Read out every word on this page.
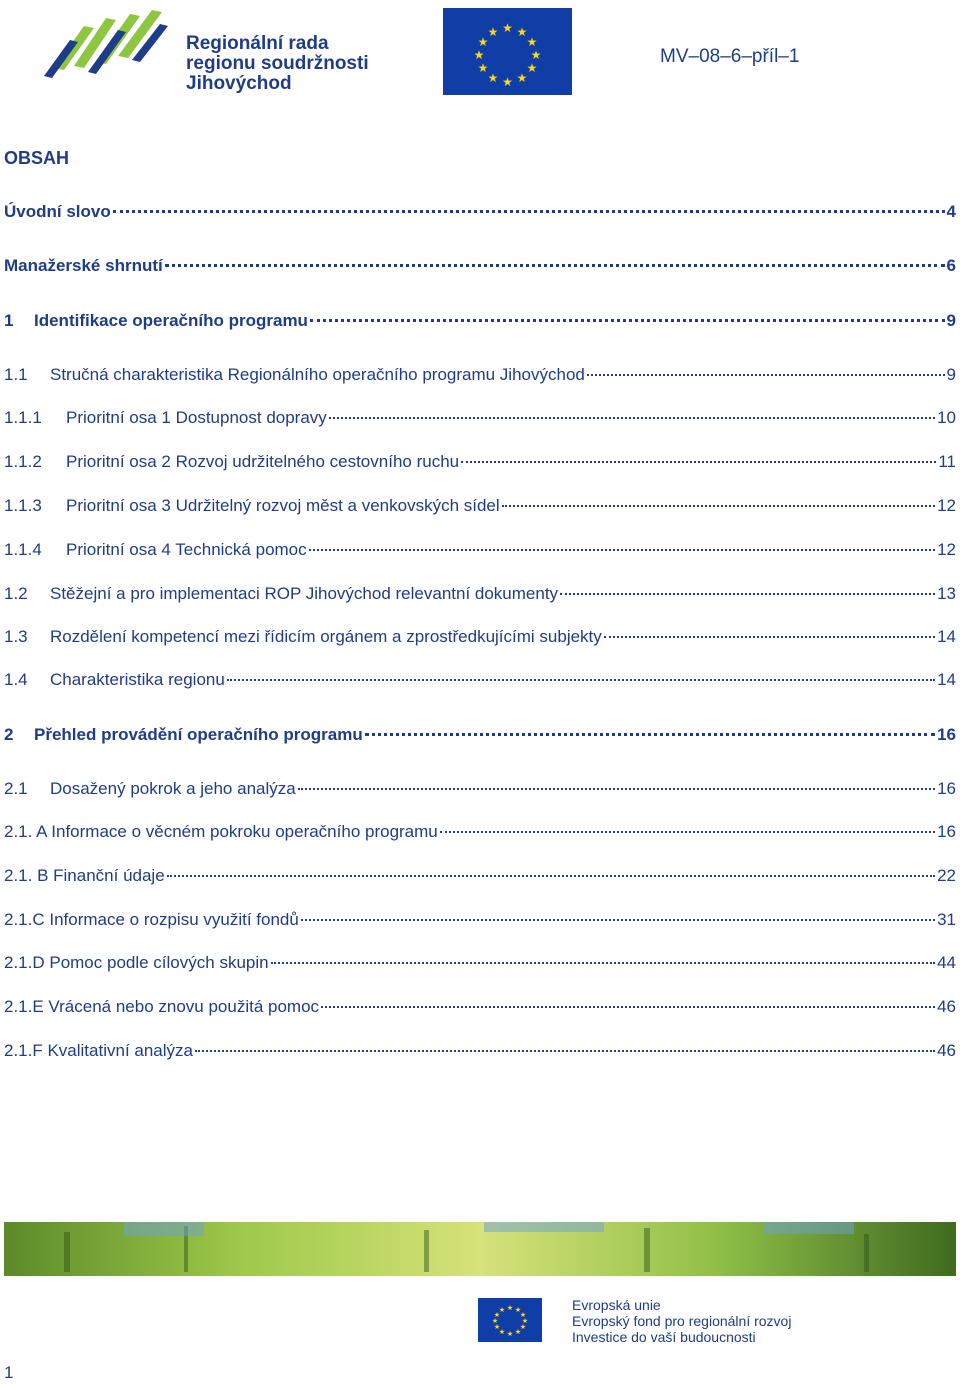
Regionální rada
regionu soudržnosti
Jihovýchod
★ ★
★
★
★
★
★
★
★
★
★
★
MV–08–6–příl–1
OBSAH
Úvodní slovo	4
Manažerské shrnutí	6
1	Identifikace operačního programu	9
1.1	Stručná charakteristika Regionálního operačního programu Jihovýchod	9
1.1.1	Prioritní osa 1 Dostupnost dopravy	10
1.1.2	Prioritní osa 2 Rozvoj udržitelného cestovního ruchu	11
1.1.3	Prioritní osa 3 Udržitelný rozvoj měst a venkovských sídel	12
1.1.4	Prioritní osa 4 Technická pomoc	12
1.2	Stěžejní a pro implementaci ROP Jihovýchod relevantní dokumenty	13
1.3	Rozdělení kompetencí mezi řídicím orgánem a zprostředkujícími subjekty	14
1.4	Charakteristika regionu	14
2	Přehled provádění operačního programu	16
2.1	Dosažený pokrok a jeho analýza	16
2.1. A Informace o věcném pokroku operačního programu	16
2.1. B Finanční údaje	22
2.1.C Informace o rozpisu využití fondů	31
2.1.D Pomoc podle cílových skupin	44
2.1.E Vrácená nebo znovu použitá pomoc	46
2.1.F Kvalitativní analýza	46
★ ★
★
★
★
★
★
★
★
★
★
★	Evropská unie
Evropský fond pro regionální rozvoj
Investice do vaší budoucnosti
1
